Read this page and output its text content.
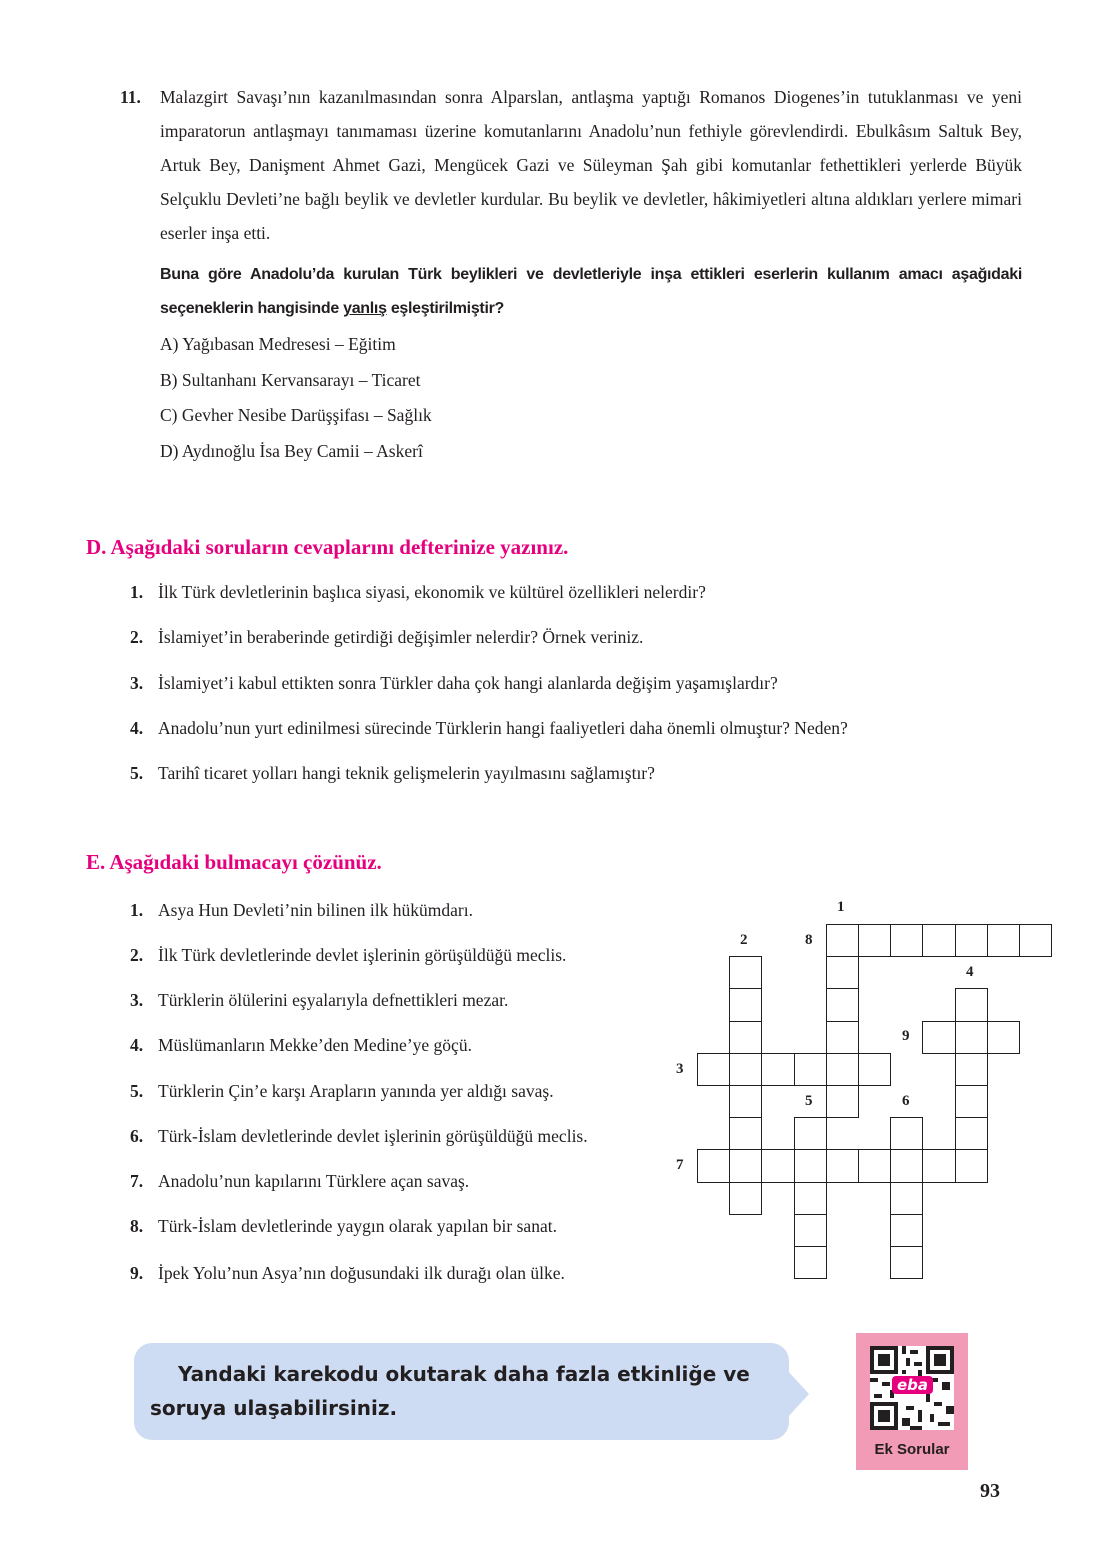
11. Malazgirt Savaşı’nın kazanılmasından sonra Alparslan, antlaşma yaptığı Romanos Diogenes’in tutuklanması ve yeni imparatorun antlaşmayı tanımaması üzerine komutanlarını Anadolu’nun fethiyle görevlendirdi. Ebulkâsım Saltuk Bey, Artuk Bey, Danişment Ahmet Gazi, Mengücek Gazi ve Süleyman Şah gibi komutanlar fethettikleri yerlerde Büyük Selçuklu Devleti’ne bağlı beylik ve devletler kurdular. Bu beylik ve devletler, hâkimiyetleri altına aldıkları yerlere mimari eserler inşa etti.
Buna göre Anadolu’da kurulan Türk beylikleri ve devletleriyle inşa ettikleri eserlerin kullanım amacı aşağıdaki seçeneklerin hangisinde yanlış eşleştirilmiştir?
A) Yağıbasan Medresesi – Eğitim
B) Sultanhanı Kervansarayı – Ticaret
C) Gevher Nesibe Darüşşifası – Sağlık
D) Aydınoğlu İsa Bey Camii – Askerî
D. Aşağıdaki soruların cevaplarını defterinize yazınız.
1. İlk Türk devletlerinin başlıca siyasi, ekonomik ve kültürel özellikleri nelerdir?
2. İslamiyet’in beraberinde getirdiği değişimler nelerdir? Örnek veriniz.
3. İslamiyet’i kabul ettikten sonra Türkler daha çok hangi alanlarda değişim yaşamışlardır?
4. Anadolu’nun yurt edinilmesi sürecinde Türklerin hangi faaliyetleri daha önemli olmuştur? Neden?
5. Tarihî ticaret yolları hangi teknik gelişmelerin yayılmasını sağlamıştır?
E. Aşağıdaki bulmacayı çözünüz.
1. Asya Hun Devleti’nin bilinen ilk hükümdarı.
2. İlk Türk devletlerinde devlet işlerinin görüşüldüğü meclis.
3. Türklerin ölülerini eşyalarıyla defnettikleri mezar.
4. Müslümanların Mekke’den Medine’ye göçü.
5. Türklerin Çin’e karşı Arapların yanında yer aldığı savaş.
6. Türk-İslam devletlerinde devlet işlerinin görüşüldüğü meclis.
7. Anadolu’nun kapılarını Türklere açan savaş.
8. Türk-İslam devletlerinde yaygın olarak yapılan bir sanat.
9. İpek Yolu’nun Asya’nın doğusundaki ilk durağı olan ülke.
1
2	8
4
9
3
5	6
7
Yandaki karekodu okutarak daha fazla etkinliğe ve soruya ulaşabilirsiniz.
eba
Ek Sorular
93
